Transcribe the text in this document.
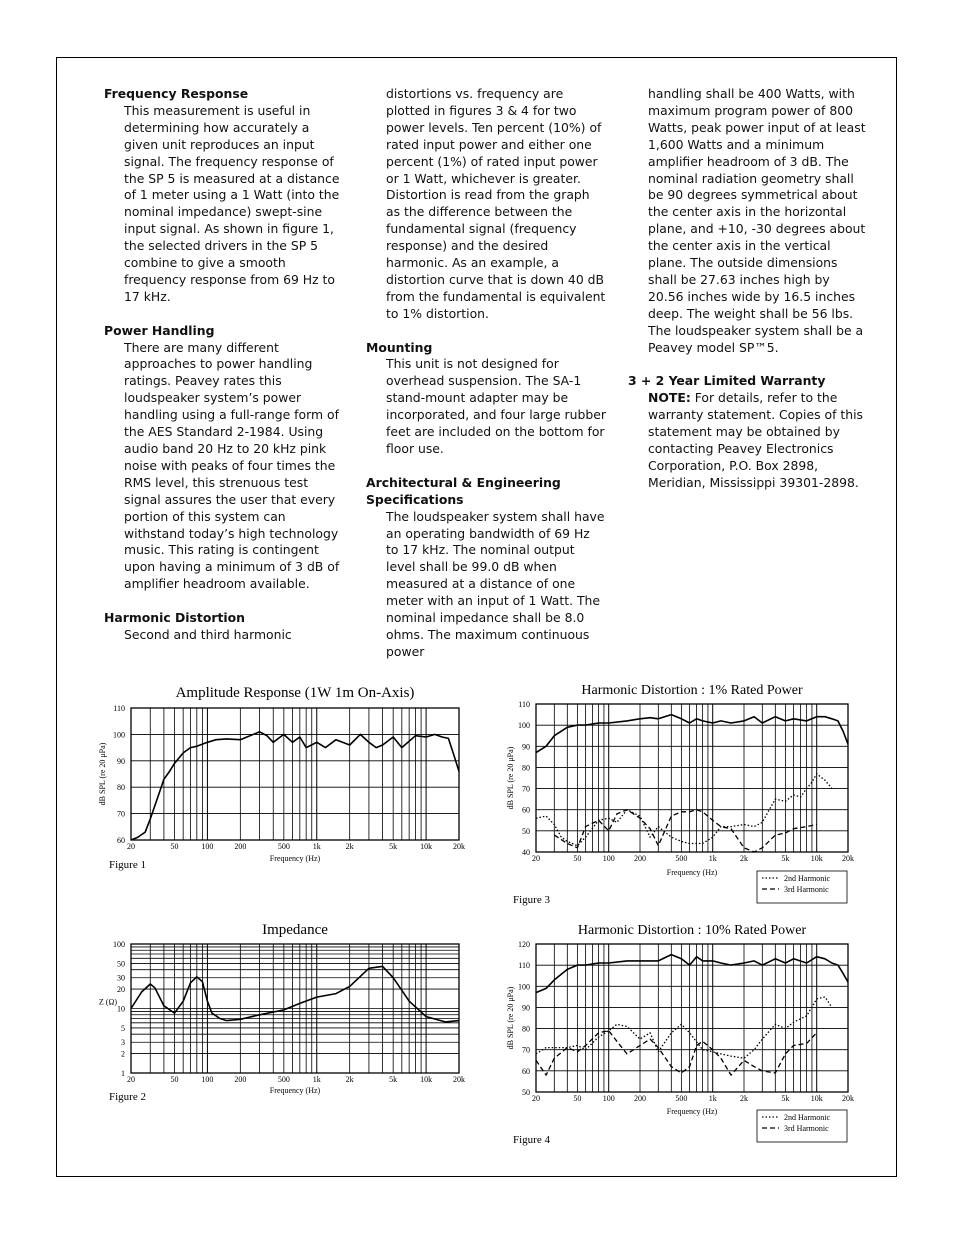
Frequency Response

This measurement is useful in determining how accurately a given unit reproduces an input signal. The frequency response of the SP 5 is measured at a distance of 1 meter using a 1 Watt (into the nominal impedance) swept-sine input signal. As shown in figure 1, the selected drivers in the SP 5 combine to give a smooth frequency response from 69 Hz to 17 kHz.

Power Handling

There are many different approaches to power handling ratings. Peavey rates this loudspeaker system’s power handling using a full-range form of the AES Standard 2-1984. Using audio band 20 Hz to 20 kHz pink noise with peaks of four times the RMS level, this strenuous test signal assures the user that every portion of this system can withstand today’s high technology music. This rating is contingent upon having a minimum of 3 dB of amplifier headroom available.

Harmonic Distortion

Second and third harmonic

distortions vs. frequency are plotted in figures 3 & 4 for two power levels. Ten percent (10%) of rated input power and either one percent (1%) of rated input power or 1 Watt, whichever is greater. Distortion is read from the graph as the difference between the fundamental signal (frequency response) and the desired harmonic. As an example, a distortion curve that is down 40 dB from the fundamental is equivalent to 1% distortion.

Mounting

This unit is not designed for overhead suspension. The SA-1 stand-mount adapter may be incorporated, and four large rubber feet are included on the bottom for floor use.

Architectural & Engineering Specifications

The loudspeaker system shall have an operating bandwidth of 69 Hz to 17 kHz. The nominal output level shall be 99.0 dB when measured at a distance of one meter with an input of 1 Watt. The nominal impedance shall be 8.0 ohms. The maximum continuous power

handling shall be 400 Watts, with maximum program power of 800 Watts, peak power input of at least 1,600 Watts and a minimum amplifier headroom of 3 dB. The nominal radiation geometry shall be 90 degrees symmetrical about the center axis in the horizontal plane, and +10, -30 degrees about the center axis in the vertical plane. The outside dimensions shall be 27.63 inches high by 20.56 inches wide by 16.5 inches deep. The weight shall be 56 lbs. The loudspeaker system shall be a Peavey model SP™5.

3 + 2 Year Limited Warranty

NOTE: For details, refer to the warranty statement. Copies of this statement may be obtained by contacting Peavey Electronics Corporation, P.O. Box 2898, Meridian, Mississippi 39301-2898.

Amplitude Response (1W 1m On-Axis)
20	50	100	200	500	1k	2k	5k	10k	20k
60
70
80
90
100
110
Frequency (Hz)
dB SPL (re 20 μPa)
Figure 1
Harmonic Distortion : 1% Rated Power
20	50	100 200	500	1k	2k	5k	10k 20k
40
50
60
70
80
90
100
110
Frequency (Hz)
dB SPL (re 20 μPa)
Figure 3
2nd Harmonic
3rd Harmonic
Impedance
20	50	100	200	500	1k	2k	5k	10k	20k
1
2
3
5
10
20
30
50
100
Frequency (Hz)
Z (Ω)
Figure 2
Harmonic Distortion : 10% Rated Power
20	50	100 200	500	1k	2k	5k	10k 20k
50
60
70
80
90
100
110
120
Frequency (Hz)
dB SPL (re 20 μPa)
Figure 4
2nd Harmonic
3rd Harmonic
